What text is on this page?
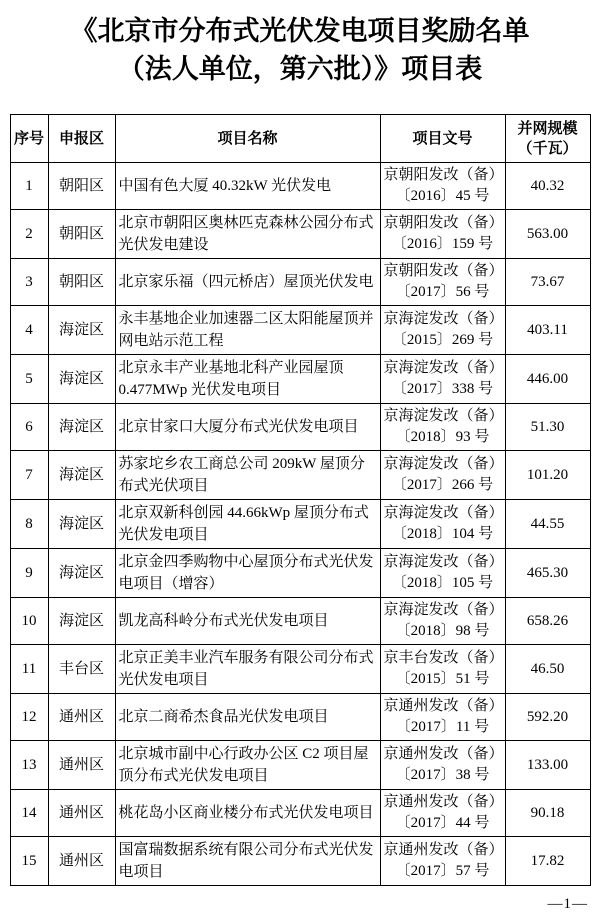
《北京市分布式光伏发电项目奖励名单
（法人单位，第六批）》项目表
序号	申报区	项目名称	项目文号	并网规模（千瓦）
1	朝阳区	中国有色大厦 40.32kW 光伏发电	京朝阳发改（备）
〔2016〕45 号	40.32
2	朝阳区	北京市朝阳区奥林匹克森林公园分布式光伏发电建设	京朝阳发改（备）
〔2016〕159 号	563.00
3	朝阳区	北京家乐福（四元桥店）屋顶光伏发电	京朝阳发改（备）
〔2017〕56 号	73.67
4	海淀区	永丰基地企业加速器二区太阳能屋顶并网电站示范工程	京海淀发改（备）
〔2015〕269 号	403.11
5	海淀区	北京永丰产业基地北科产业园屋顶 0.477MWp 光伏发电项目	京海淀发改（备）
〔2017〕338 号	446.00
6	海淀区	北京甘家口大厦分布式光伏发电项目	京海淀发改（备）
〔2018〕93 号	51.30
7	海淀区	苏家坨乡农工商总公司 209kW 屋顶分布式光伏项目	京海淀发改（备）
〔2017〕266 号	101.20
8	海淀区	北京双新科创园 44.66kWp 屋顶分布式光伏发电项目	京海淀发改（备）
〔2018〕104 号	44.55
9	海淀区	北京金四季购物中心屋顶分布式光伏发电项目（增容）	京海淀发改（备）
〔2018〕105 号	465.30
10	海淀区	凯龙高科岭分布式光伏发电项目	京海淀发改（备）
〔2018〕98 号	658.26
11	丰台区	北京正美丰业汽车服务有限公司分布式光伏发电项目	京丰台发改（备）
〔2015〕51 号	46.50
12	通州区	北京二商希杰食品光伏发电项目	京通州发改（备）
〔2017〕11 号	592.20
13	通州区	北京城市副中心行政办公区 C2 项目屋顶分布式光伏发电项目	京通州发改（备）
〔2017〕38 号	133.00
14	通州区	桃花岛小区商业楼分布式光伏发电项目	京通州发改（备）
〔2017〕44 号	90.18
15	通州区	国富瑞数据系统有限公司分布式光伏发电项目	京通州发改（备）
〔2017〕57 号	17.82
—1—
